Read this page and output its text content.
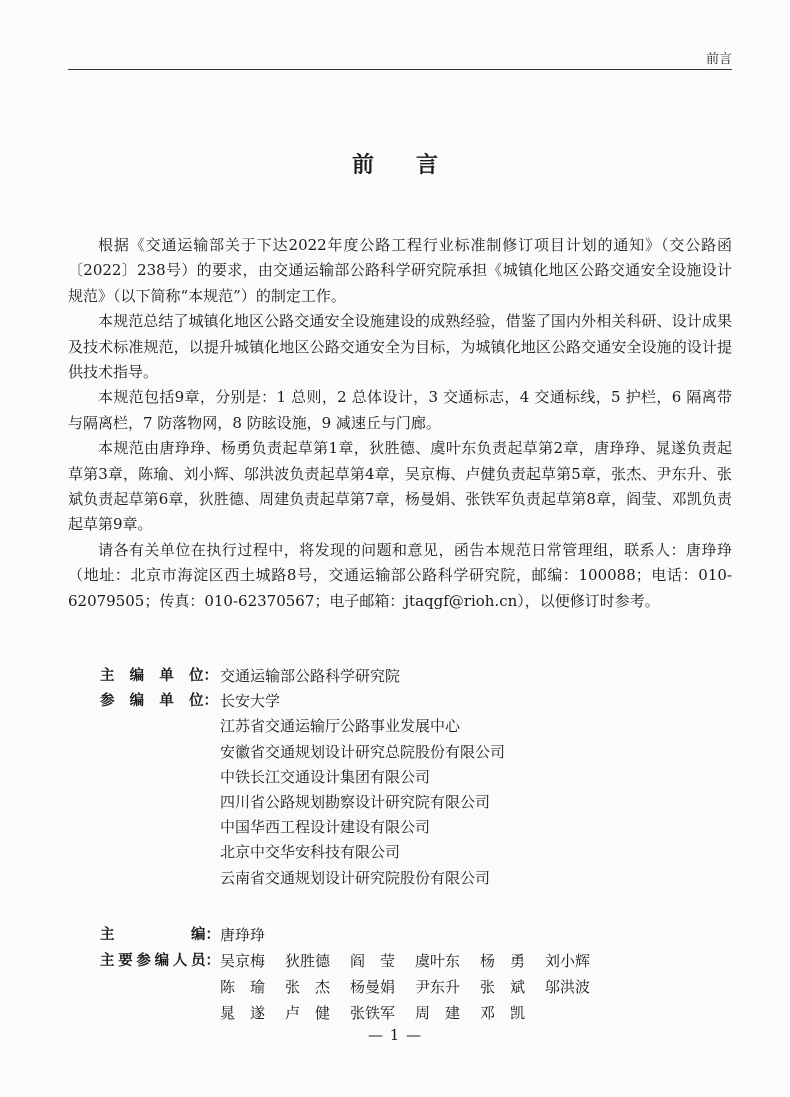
前言
前言

根据《交通运输部关于下达2022年度公路工程行业标准制修订项目计划的通知》（交公路函〔2022〕238号）的要求，由交通运输部公路科学研究院承担《城镇化地区公路交通安全设施设计规范》（以下简称“本规范”）的制定工作。

本规范总结了城镇化地区公路交通安全设施建设的成熟经验，借鉴了国内外相关科研、设计成果及技术标准规范，以提升城镇化地区公路交通安全为目标，为城镇化地区公路交通安全设施的设计提供技术指导。

本规范包括9章，分别是：1 总则，2 总体设计，3 交通标志，4 交通标线，5 护栏，6 隔离带与隔离栏，7 防落物网，8 防眩设施，9 减速丘与门廊。

本规范由唐琤琤、杨勇负责起草第1章，狄胜德、虞叶东负责起草第2章，唐琤琤、晁遂负责起草第3章，陈瑜、刘小辉、邬洪波负责起草第4章，吴京梅、卢健负责起草第5章，张杰、尹东升、张斌负责起草第6章，狄胜德、周建负责起草第7章，杨曼娟、张铁军负责起草第8章，阎莹、邓凯负责起草第9章。

请各有关单位在执行过程中，将发现的问题和意见，函告本规范日常管理组，联系人：唐琤琤（地址：北京市海淀区西土城路8号，交通运输部公路科学研究院，邮编：100088；电话：010-62079505；传真：010-62370567；电子邮箱：jtaqgf@rioh.cn），以便修订时参考。

主 编 单 位 ： 交通运输部公路科学研究院
参 编 单 位 ： 长安大学
江苏省交通运输厅公路事业发展中心
安徽省交通规划设计研究总院股份有限公司
中铁长江交通设计集团有限公司
四川省公路规划勘察设计研究院有限公司
中国华西工程设计建设有限公司
北京中交华安科技有限公司
云南省交通规划设计研究院股份有限公司
主	编 ： 唐琤琤
主 要 参 编 人 员 ： 吴京梅	狄胜德	阎　莹	虞叶东	杨　勇	刘小辉
陈　瑜	张　杰	杨曼娟	尹东升	张　斌	邬洪波
晁　遂	卢　健	张铁军	周　建	邓　凯
— 1 —
